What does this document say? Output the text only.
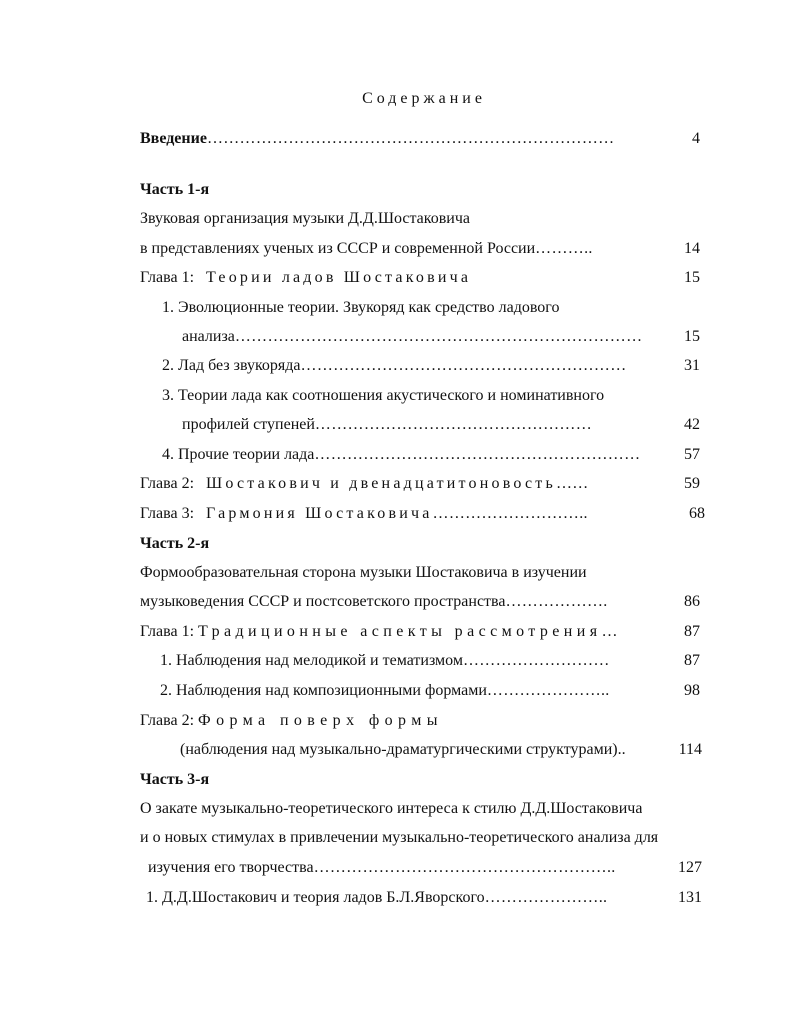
Содержание
Введение…………………………………………………………………	4
Часть 1-я
Звуковая организация музыки Д.Д.Шостаковича
в представлениях ученых из СССР и современной России………..	14
Глава 1: Теории ладов Шостаковича	15
1. Эволюционные теории. Звукоряд как средство ладового
анализа…………………………………………………………………	15
2. Лад без звукоряда……………………………………………………	31
3. Теории лада как соотношения акустического и номинативного
профилей ступеней……………………………………………	42
4. Прочие теории лада……………………………………………………	57
Глава 2: Шостакович и двенадцатитоновость……	59
Глава 3: Гармония Шостаковича………………………..	68
Часть 2-я
Формообразовательная сторона музыки Шостаковича в изучении
музыковедения СССР и постсоветского пространства……………….	86
Глава 1: Традиционные аспекты рассмотрения…	87
1. Наблюдения над мелодикой и тематизмом………………………	87
2. Наблюдения над композиционными формами…………………..	98
Глава 2: Форма поверх формы
(наблюдения над музыкально-драматургическими структурами)..	114
Часть 3-я
О закате музыкально-теоретического интереса к стилю Д.Д.Шостаковича
и о новых стимулах в привлечении музыкально-теоретического анализа для
изучения его творчества………………………………………………..	127
1. Д.Д.Шостакович и теория ладов Б.Л.Яворского…………………..	131
